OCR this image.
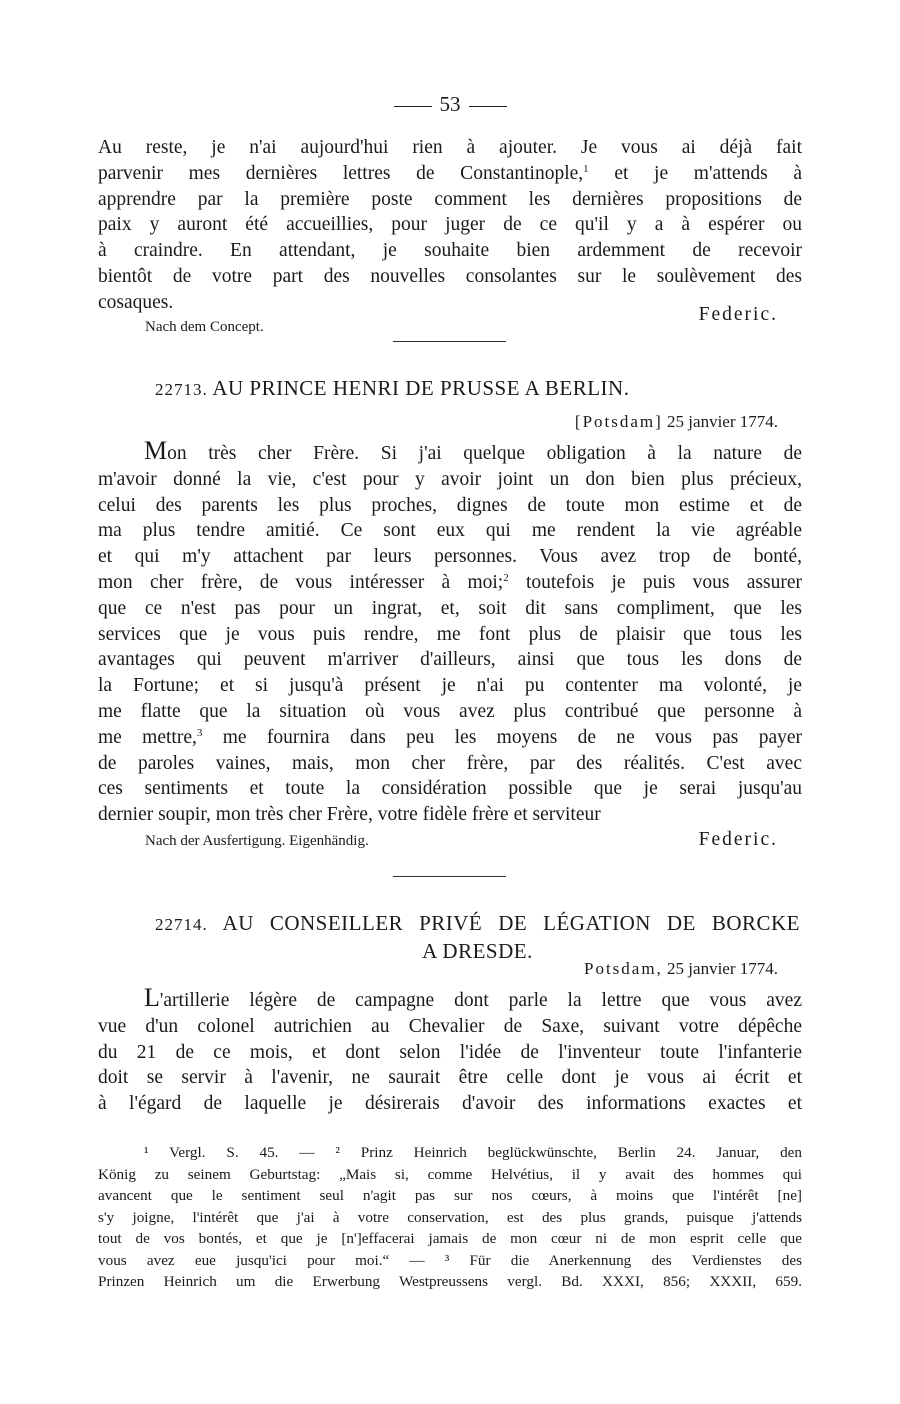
53
Au reste, je n'ai aujourd'hui rien à ajouter. Je vous ai déjà fait
parvenir mes dernières lettres de Constantinople,$^1$ et je m'attends à
apprendre par la première poste comment les dernières propositions de
paix y auront été accueillies, pour juger de ce qu'il y a à espérer ou
à craindre. En attendant, je souhaite bien ardemment de recevoir
bientôt de votre part des nouvelles consolantes sur le soulèvement des
cosaques.
Federic.
Nach dem Concept.
22713. AU PRINCE HENRI DE PRUSSE A BERLIN.
[Potsdam] 25 janvier 1774.
Mon très cher Frère. Si j'ai quelque obligation à la nature de
m'avoir donné la vie, c'est pour y avoir joint un don bien plus précieux,
celui des parents les plus proches, dignes de toute mon estime et de
ma plus tendre amitié. Ce sont eux qui me rendent la vie agréable
et qui m'y attachent par leurs personnes. Vous avez trop de bonté,
mon cher frère, de vous intéresser à moi;$^2$ toutefois je puis vous assurer
que ce n'est pas pour un ingrat, et, soit dit sans compliment, que les
services que je vous puis rendre, me font plus de plaisir que tous les
avantages qui peuvent m'arriver d'ailleurs, ainsi que tous les dons de
la Fortune; et si jusqu'à présent je n'ai pu contenter ma volonté, je
me flatte que la situation où vous avez plus contribué que personne à
me mettre,$^3$ me fournira dans peu les moyens de ne vous pas payer
de paroles vaines, mais, mon cher frère, par des réalités. C'est avec
ces sentiments et toute la considération possible que je serai jusqu'au
dernier soupir, mon très cher Frère, votre fidèle frère et serviteur
Nach der Ausfertigung. Eigenhändig.	Federic.
22714. AU CONSEILLER PRIVÉ DE LÉGATION DE BORCKE
A DRESDE.
Potsdam, 25 janvier 1774.
L'artillerie légère de campagne dont parle la lettre que vous avez
vue d'un colonel autrichien au Chevalier de Saxe, suivant votre dépêche
du 21 de ce mois, et dont selon l'idée de l'inventeur toute l'infanterie
doit se servir à l'avenir, ne saurait être celle dont je vous ai écrit et
à l'égard de laquelle je désirerais d'avoir des informations exactes et
¹ Vergl. S. 45. — ² Prinz Heinrich beglückwünschte, Berlin 24. Januar, den
König zu seinem Geburtstag: „Mais si, comme Helvétius, il y avait des hommes qui
avancent que le sentiment seul n'agit pas sur nos cœurs, à moins que l'intérêt [ne]
s'y joigne, l'intérêt que j'ai à votre conservation, est des plus grands, puisque j'attends
tout de vos bontés, et que je [n']effacerai jamais de mon cœur ni de mon esprit celle que
vous avez eue jusqu'ici pour moi.“ — ³ Für die Anerkennung des Verdienstes des
Prinzen Heinrich um die Erwerbung Westpreussens vergl. Bd. XXXI, 856; XXXII, 659.
